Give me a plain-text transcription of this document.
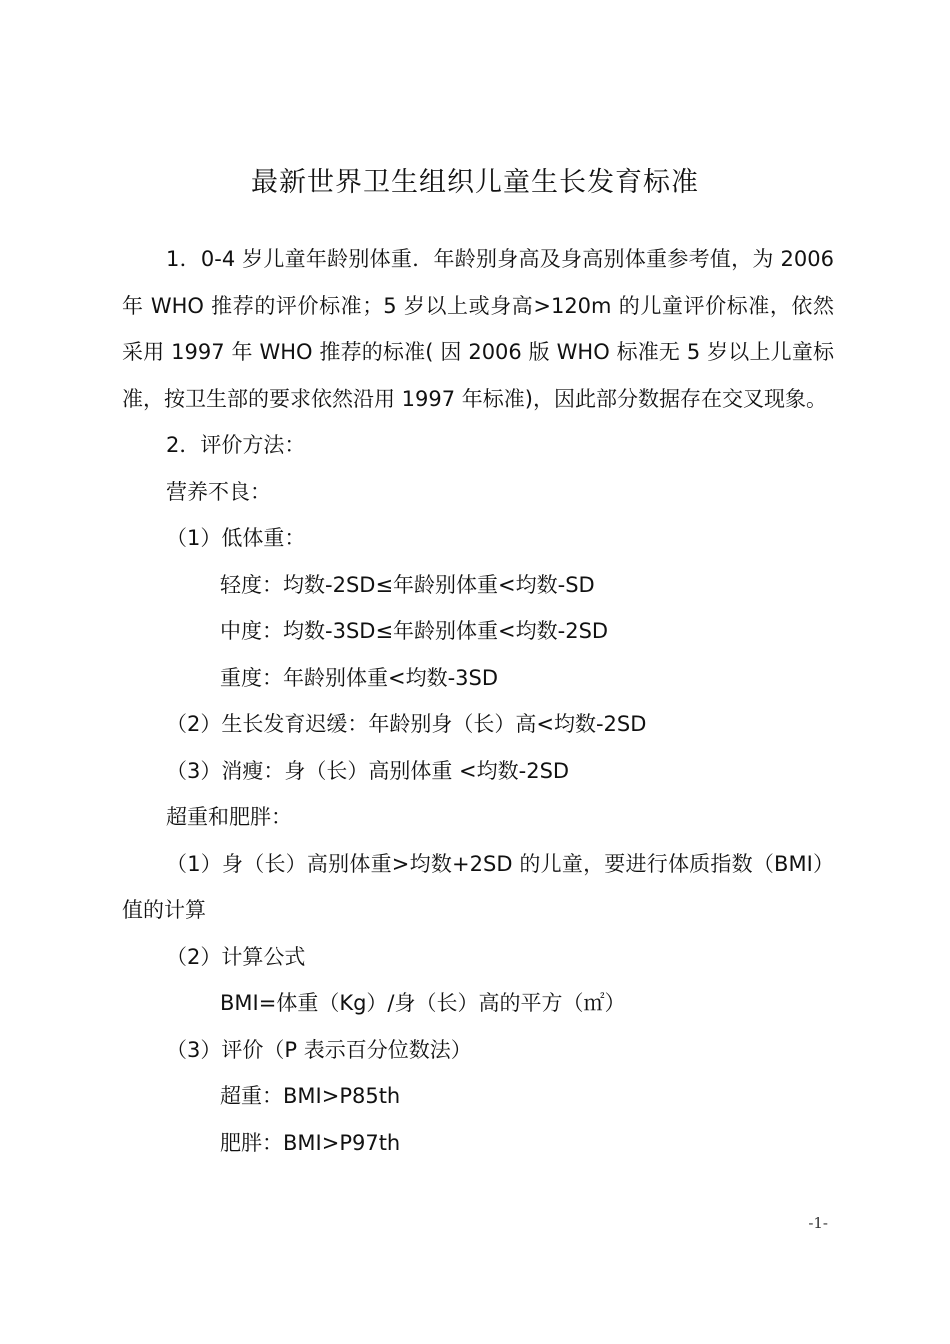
最新世界卫生组织儿童生长发育标准

1．0-4 岁儿童年龄别体重．年龄别身高及身高别体重参考值，为 2006 年 WHO 推荐的评价标准；5 岁以上或身高>120m 的儿童评价标准，依然采用 1997 年 WHO 推荐的标准( 因 2006 版 WHO 标准无 5 岁以上儿童标准，按卫生部的要求依然沿用 1997 年标准)，因此部分数据存在交叉现象。

2．评价方法：

营养不良：

（1）低体重：

轻度：均数-2SD≤年龄别体重<均数-SD

中度：均数-3SD≤年龄别体重<均数-2SD

重度：年龄别体重<均数-3SD

（2）生长发育迟缓：年龄别身（长）高<均数-2SD

（3）消瘦：身（长）高别体重 <均数-2SD

超重和肥胖：

（1）身（长）高别体重>均数+2SD 的儿童，要进行体质指数（BMI）值的计算

（2）计算公式

BMI=体重（Kg）/身（长）高的平方（㎡）

（3）评价（P 表示百分位数法）

超重：BMI>P85th

肥胖：BMI>P97th

-1-
